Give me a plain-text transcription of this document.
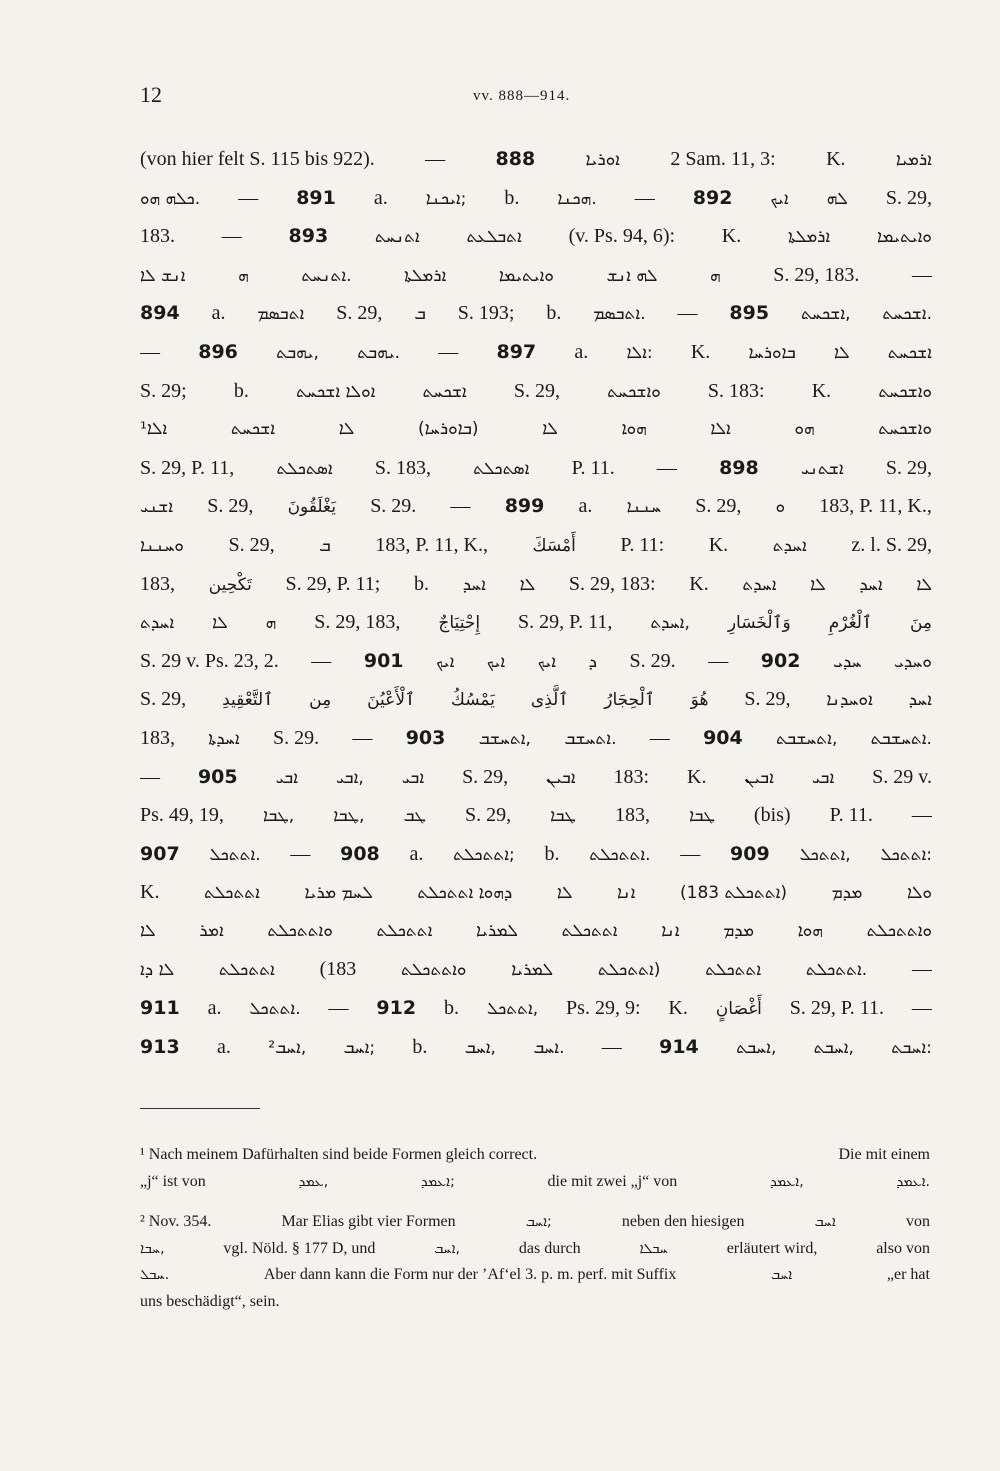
12	vv. 888—914.
(von hier felt S. 115 bis 922).	—	888	ܐܘܪܝܐ	2 Sam. 11, 3:	K.	ܐܪܡܝܐ
ܟܠܗ ܗܘ. — 891 a. ܐܝܟܢܐ; b. ܗܟܢܐ. — 892 ܐܝܟ ܠܗ S. 29,
183. — 893	ܐܬܢܚܬ	ܐܬܒܠܥܬ (v. Ps. 94, 6): K.	ܐܪܡܠܬܐ	ܘܐܝܬܝܡܐ
ܐܢܫ ܠܐ	ܗ	ܐܬܢܚܬ.	ܐܪܡܠܬܐ	ܘܐܝܬܝܡܐ	ܠܗ ܐܢܫ	ܗ	S. 29, 183.	—
894 a. ܐܬܒܣܡ S. 29, ܒ S. 193; b. ܐܬܒܣܡ. — 895 ܐܫܟܚܬ, ܐܫܟܚܬ.
— 896 ܝܗܒܬ, ܝܗܒܬ. — 897 a. ܐܠܐ: K. ܒܐܘܪܚܐ ܠܐ ܐܫܟܚܬ
S. 29; b.	ܐܘܠܐ ܐܫܟܚܬ	ܐܫܟܚܬ S. 29,	ܘܐܫܟܚܬ S. 183: K.	ܘܐܫܟܚܬ
¹ܐܠܐ	ܐܫܟܚܬ	ܠܐ	(ܒܐܘܪܚܐ)	ܠܐ	ܗܘܐ	ܐܠܐ	ܗܘ	ܘܐܫܟܚܬ
S. 29, P. 11, ܐܣܬܟܠܬ S. 183, ܐܣܬܟܠܬ P. 11. — 898 ܐܫܬܢܝ S. 29,
ܐܫܢܝ S. 29, يَغْلَقُونَ S. 29. — 899 a. ܚܢܢܐ S. 29, ܘ 183, P. 11, K.,
ܘܚܢܢܐ S. 29,	ܒ 183, P. 11, K.,	أَمْسَكَ P. 11: K.	ܐܚܕܬ z. l. S. 29,
183, تَكْحِين S. 29, P. 11; b. ܐܚܕ ܠܐ S. 29, 183: K. ܐܚܕܬ ܠܐ ܐܚܕ ܠܐ
ܐܚܕܬ ܠܐ ܗ S. 29, 183, إِحْتِيَاجٌ S. 29, P. 11, ܐܚܕܬ, وَٱلْخَسَارِ ٱلْغُرْمِ مِنَ
S. 29 v. Ps. 23, 2. — 901 ܐܝܟ ܐܝܟ ܐܝܟ ܕ S. 29. — 902 ܚܕܝ ܘܚܕܝ
S. 29, ٱلتَّعْقِيدِ مِن ٱلْأَعْيُنَ يَمْسُكُ ٱلَّذِى ٱلْحِجَارُ هُوَ S. 29, ܐܘܚܕܢܐ ܐܚܕ
183, ܐܚܕܬܐ S. 29. — 903 ܐܬܚܫܒ, ܐܬܚܫܒ. — 904 ܐܬܚܫܒܬ, ܐܬܚܫܒܬ.
— 905 ܐܒܝ ܐܒܝ, ܐܒܝ S. 29, ܐܒܝܢ 183: K. ܐܒܝܢ ܐܒܝ S. 29 v.
Ps. 49, 19, ܛܒܐ, ܛܒܐ, ܛܒ S. 29, ܛܒܐ 183, ܛܒܐ (bis) P. 11. —
907 ܐܬܬܟܠ. — 908 a. ܐܬܬܟܠܬ; b. ܐܬܬܟܠܬ. — 909 ܐܬܬܟܠ, ܐܬܬܟܠ:
K.	ܐܬܬܟܠܬ	ܠܚܡ ܡܪܝܐ	ܕܗܘܐ ܐܬܬܟܠܬ	ܠܐ	ܐܢܐ	(ܐܬܬܟܠܬ 183)	ܡܕܡ	ܘܠܐ
ܠܐ	ܐܡܪ	ܘܐܬܬܟܠܬ	ܐܬܬܟܠܬ	ܠܡܪܝܐ	ܐܬܬܟܠܬ	ܐܢܐ	ܡܕܡ	ܗܘܐ	ܘܐܬܬܟܠܬ
ܠܐ ܕܐ	ܐܬܬܟܠܬ (183	ܘܐܬܬܟܠܬ	ܠܡܪܝܐ	ܐܬܬܟܠܬ)	ܐܬܬܟܠܬ	ܐܬܬܟܠܬ. —
911 a. ܐܬܬܟܠ. — 912 b. ܐܬܬܟܠ, Ps. 29, 9: K. أَغْصَانٍ S. 29, P. 11. —
913 a. ܐܚܒ², ܐܚܒ; b. ܐܚܒ, ܐܚܒ. — 914 ܐܚܒܬ, ܐܚܒܬ, ܐܚܒܬ:
¹ Nach meinem Dafürhalten sind beide Formen gleich correct.	Die mit einem
„j“ ist von	ܥܡܕ,	ܐܥܡܕ;	die mit zwei „j“ von	ܐܥܡܕ,	ܐܥܡܕ.
² Nov. 354.	Mar Elias gibt vier Formen	ܐܚܒ;	neben den hiesigen	ܐܚܒ	von
ܚܒܐ,	vgl. Nöld. § 177 D, und	ܐܚܒ,	das durch	ܚܒܠܐ	erläutert wird,	also von
ܚܒܠ.	Aber dann kann die Form nur der ’Af‘el 3. p. m. perf. mit Suffix	ܐܚܒ	„er hat
uns beschädigt“, sein.
